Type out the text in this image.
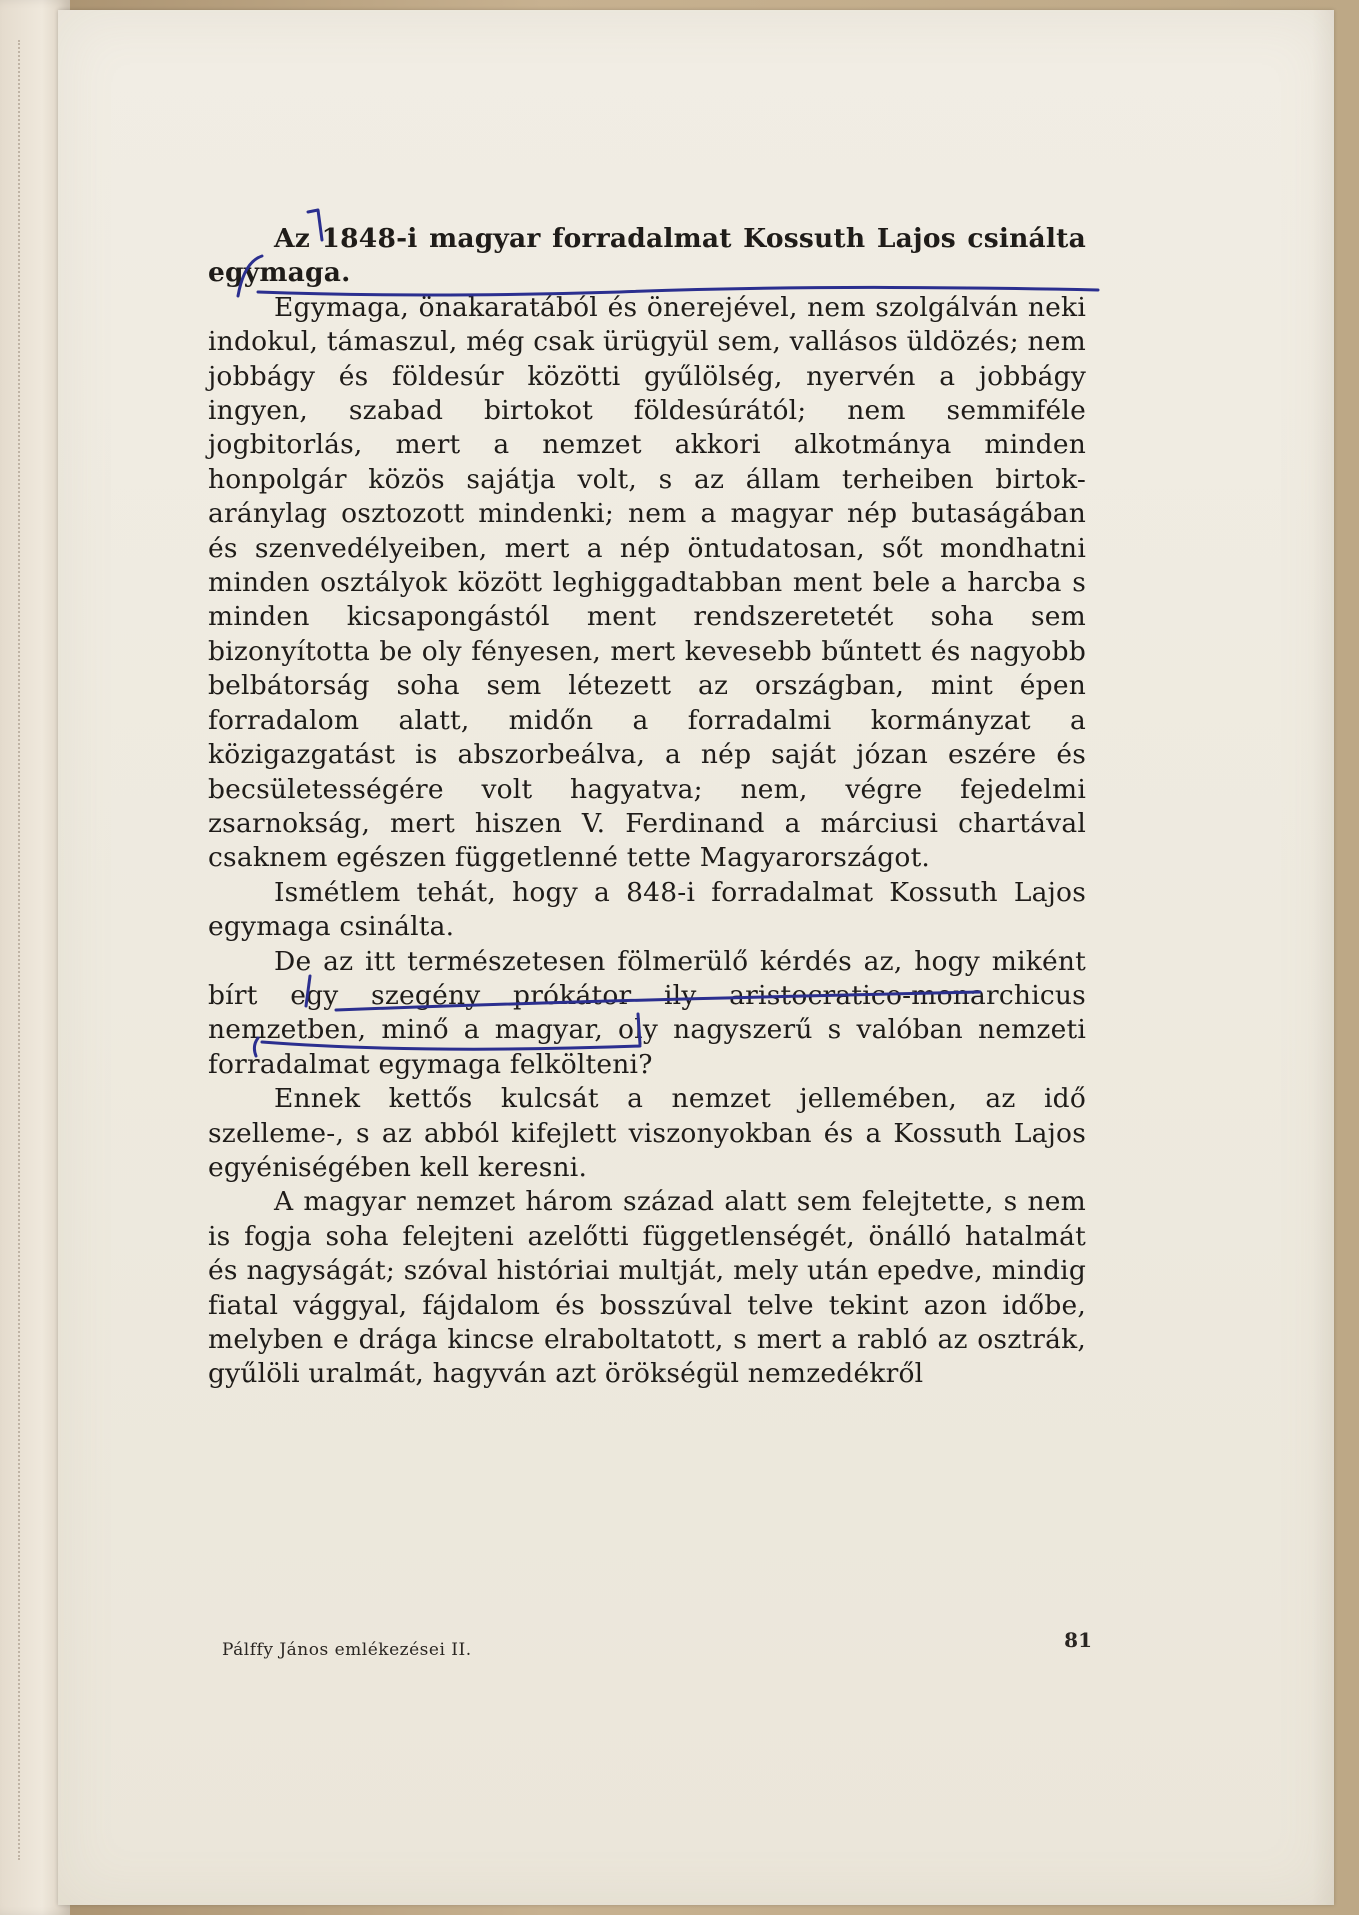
Az 1848-i magyar forradalmat Kossuth Lajos csinálta egymaga.

Egymaga, önakaratából és önerejével, nem szolgálván neki indokul, támaszul, még csak ürügyül sem, vallásos üldözés; nem jobbágy és földesúr közötti gyűlölség, nyervén a jobbágy ingyen, szabad birtokot földesúrától; nem semmiféle jogbitorlás, mert a nemzet akkori alkotmánya minden honpolgár közös sajátja volt, s az állam terheiben birtok-aránylag osztozott mindenki; nem a magyar nép butaságában és szenvedélyeiben, mert a nép öntudatosan, sőt mondhatni minden osztályok között leghiggadtabban ment bele a harcba s minden kicsapongástól ment rendszeretetét soha sem bizonyította be oly fényesen, mert kevesebb bűntett és nagyobb belbátorság soha sem létezett az országban, mint épen forradalom alatt, midőn a forradalmi kormányzat a közigazgatást is abszorbeálva, a nép saját józan eszére és becsületességére volt hagyatva; nem, végre fejedelmi zsarnokság, mert hiszen V. Ferdinand a márciusi chartával csaknem egészen függetlenné tette Magyarországot.

Ismétlem tehát, hogy a 848-i forradalmat Kossuth Lajos egymaga csinálta.

De az itt természetesen fölmerülő kérdés az, hogy miként bírt egy szegény prókátor ily aristocratico-monarchicus nemzetben, minő a magyar, oly nagyszerű s valóban nemzeti forradalmat egymaga felkölteni?

Ennek kettős kulcsát a nemzet jellemében, az idő szelleme-, s az abból kifejlett viszonyokban és a Kossuth Lajos egyéniségében kell keresni.

A magyar nemzet három század alatt sem felejtette, s nem is fogja soha felejteni azelőtti függetlenségét, önálló hatalmát és nagyságát; szóval históriai multját, mely után epedve, mindig fiatal vággyal, fájdalom és bosszúval telve tekint azon időbe, melyben e drága kincse elraboltatott, s mert a rabló az osztrák, gyűlöli uralmát, hagyván azt örökségül nemzedékről

Pálffy János emlékezései II.	81
